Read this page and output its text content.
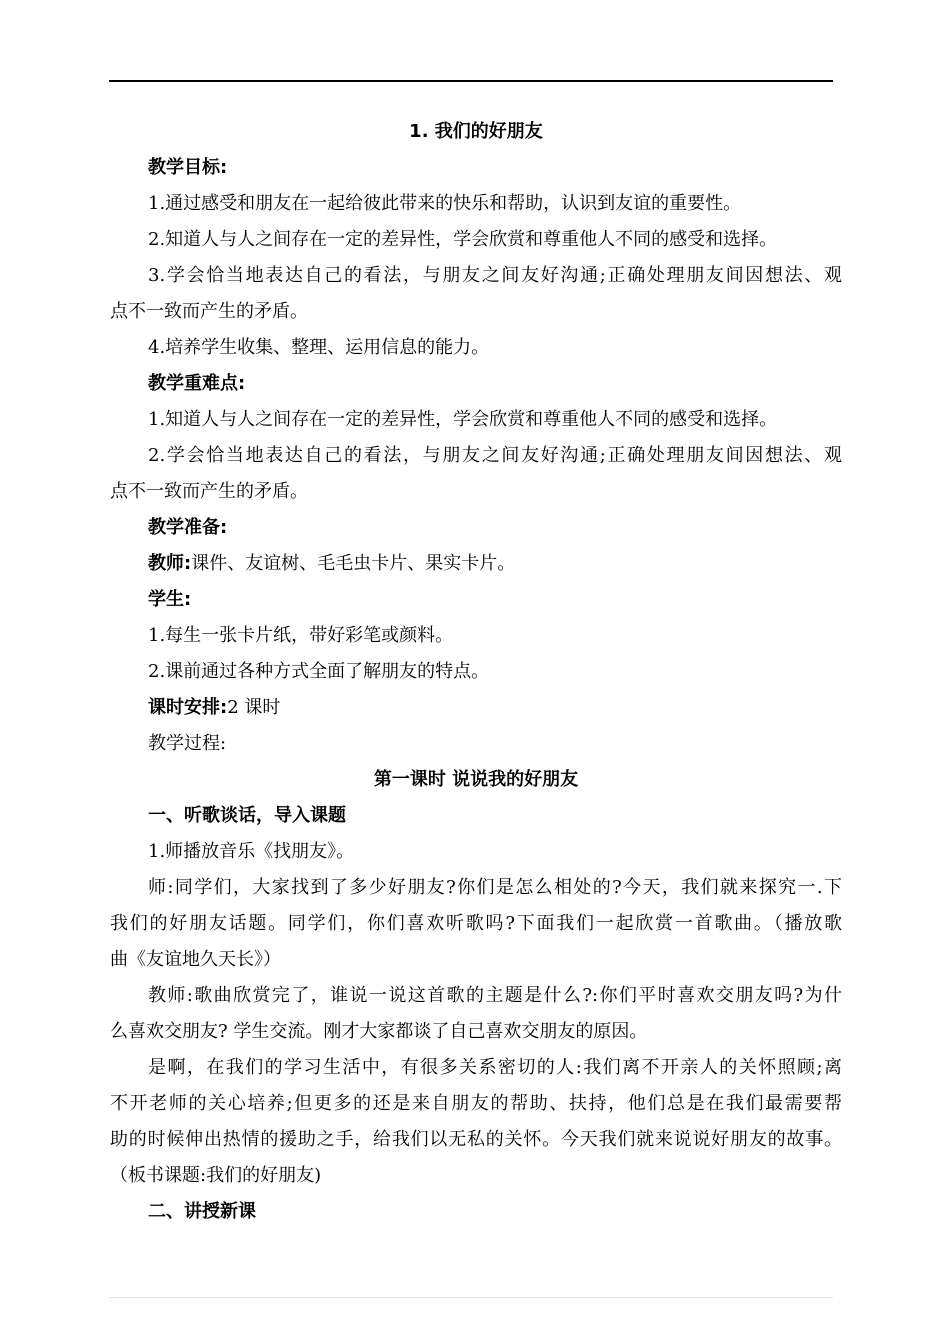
1. 我们的好朋友
教学目标:
1.通过感受和朋友在一起给彼此带来的快乐和帮助，认识到友谊的重要性。
2.知道人与人之间存在一定的差异性，学会欣赏和尊重他人不同的感受和选择。
3.学会恰当地表达自己的看法，与朋友之间友好沟通;正确处理朋友间因想法、观
点不一致而产生的矛盾。
4.培养学生收集、整理、运用信息的能力。
教学重难点:
1.知道人与人之间存在一定的差异性，学会欣赏和尊重他人不同的感受和选择。
2.学会恰当地表达自己的看法，与朋友之间友好沟通;正确处理朋友间因想法、观
点不一致而产生的矛盾。
教学准备:
教师:课件、友谊树、毛毛虫卡片、果实卡片。
学生:
1.每生一张卡片纸，带好彩笔或颜料。
2.课前通过各种方式全面了解朋友的特点。
课时安排:2 课时
教学过程:
第一课时 说说我的好朋友
一、听歌谈话，导入课题
1.师播放音乐《找朋友》。
师:同学们，大家找到了多少好朋友?你们是怎么相处的?今天，我们就来探究一.下
我们的好朋友话题。同学们，你们喜欢听歌吗?下面我们一起欣赏一首歌曲。（播放歌
曲《友谊地久天长》）
教师:歌曲欣赏完了，谁说一说这首歌的主题是什么?:你们平时喜欢交朋友吗?为什
么喜欢交朋友? 学生交流。刚才大家都谈了自己喜欢交朋友的原因。
是啊，在我们的学习生活中，有很多关系密切的人:我们离不开亲人的关怀照顾;离
不开老师的关心培养;但更多的还是来自朋友的帮助、扶持，他们总是在我们最需要帮
助的时候伸出热情的援助之手，给我们以无私的关怀。今天我们就来说说好朋友的故事。
（板书课题:我们的好朋友)
二、讲授新课
